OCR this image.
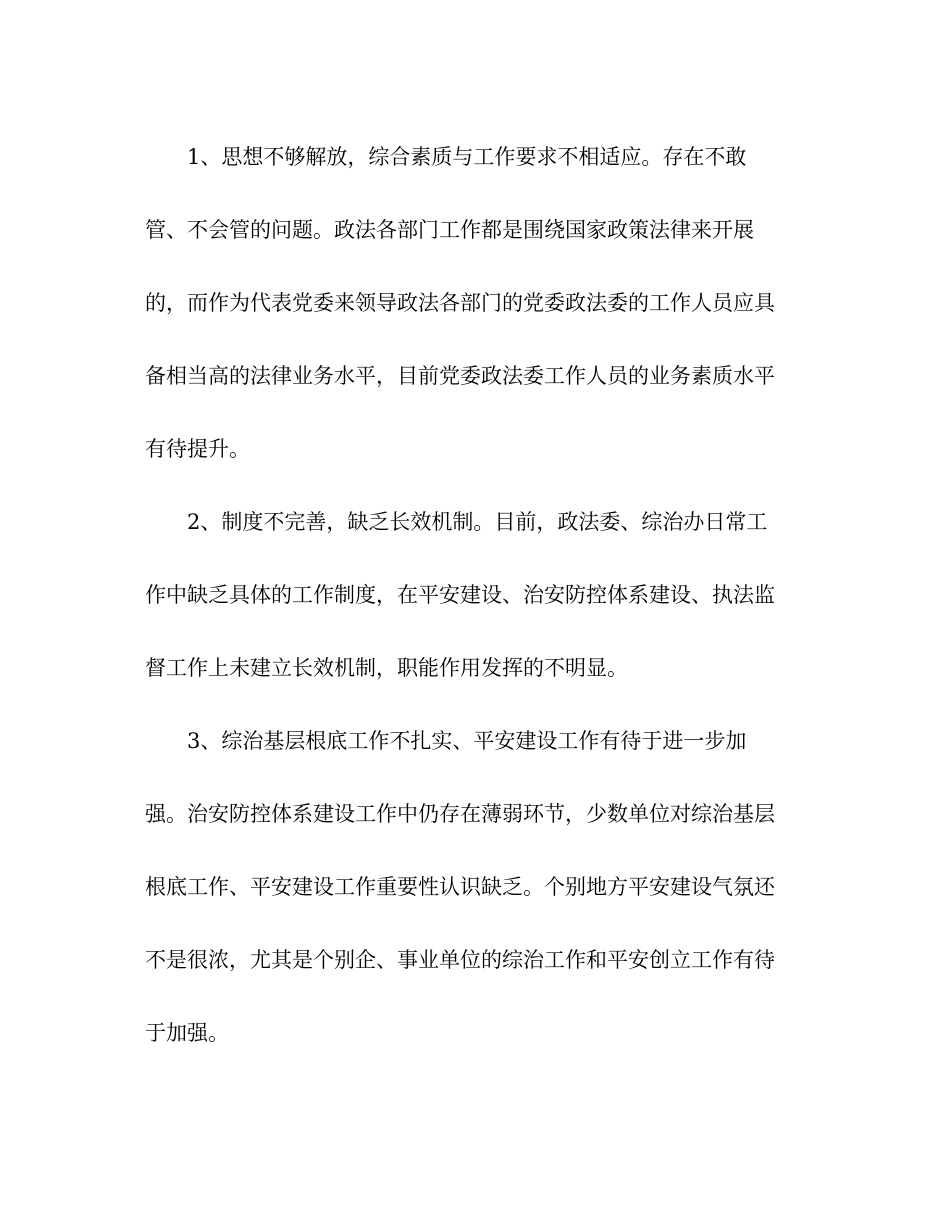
1、思想不够解放，综合素质与工作要求不相适应。存在不敢
管、不会管的问题。政法各部门工作都是围绕国家政策法律来开展
的，而作为代表党委来领导政法各部门的党委政法委的工作人员应具
备相当高的法律业务水平，目前党委政法委工作人员的业务素质水平
有待提升。
2、制度不完善，缺乏长效机制。目前，政法委、综治办日常工
作中缺乏具体的工作制度，在平安建设、治安防控体系建设、执法监
督工作上未建立长效机制，职能作用发挥的不明显。
3、综治基层根底工作不扎实、平安建设工作有待于进一步加
强。治安防控体系建设工作中仍存在薄弱环节，少数单位对综治基层
根底工作、平安建设工作重要性认识缺乏。个别地方平安建设气氛还
不是很浓，尤其是个别企、事业单位的综治工作和平安创立工作有待
于加强。
